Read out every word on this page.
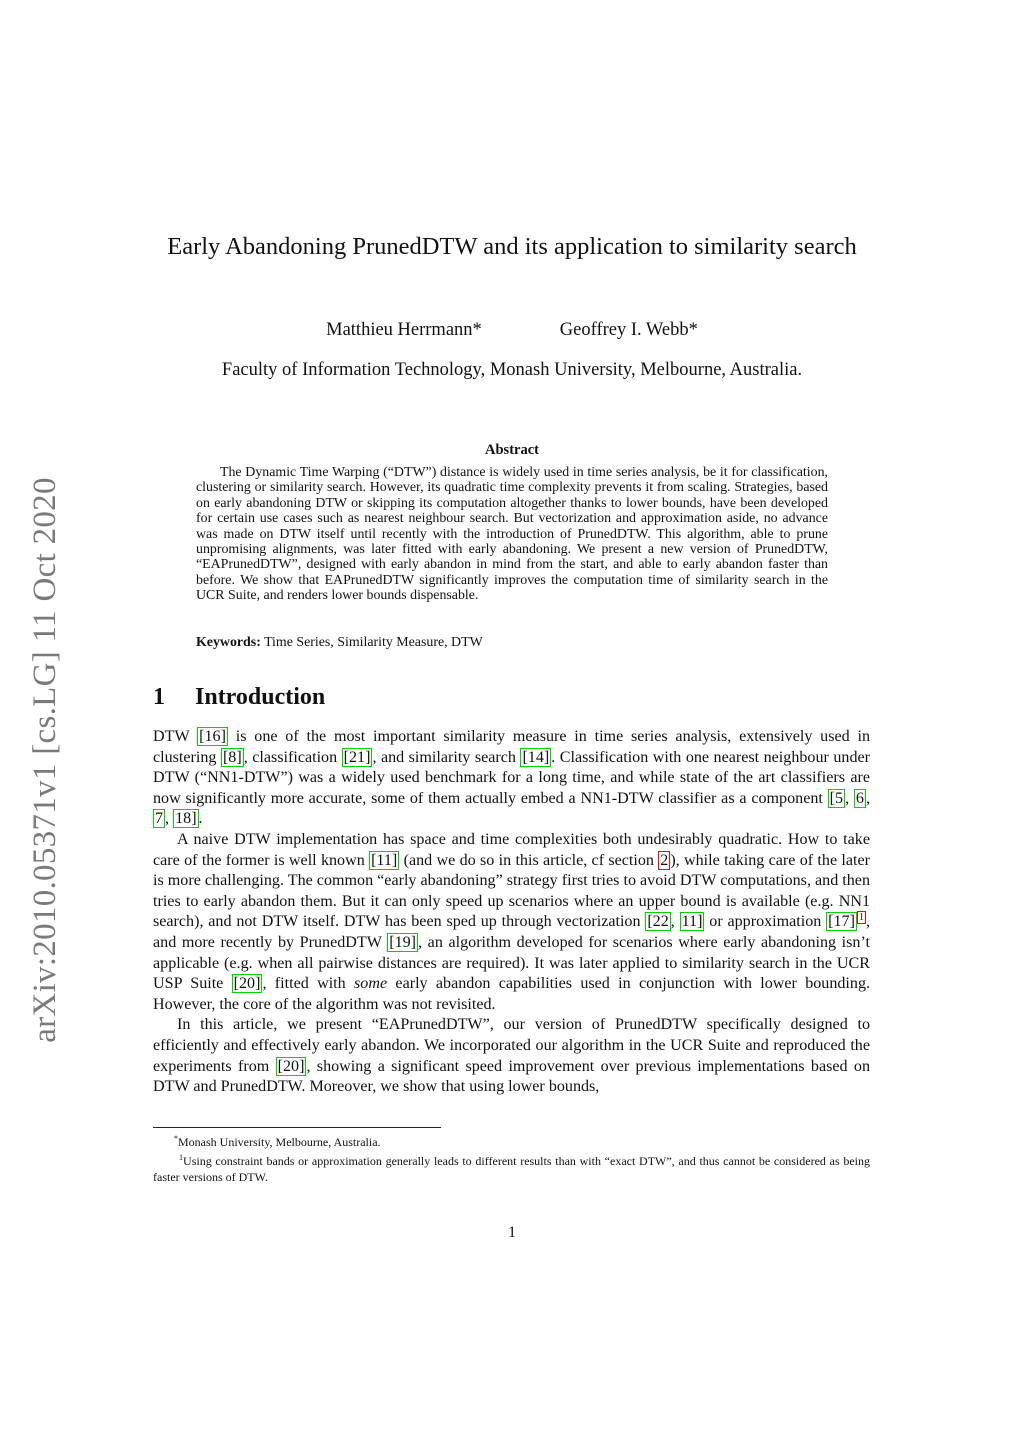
arXiv:2010.05371v1 [cs.LG] 11 Oct 2020
Early Abandoning PrunedDTW and its application to similarity search
Matthieu Herrmann*	Geoffrey I. Webb*
Faculty of Information Technology, Monash University, Melbourne, Australia.
Abstract

The Dynamic Time Warping (“DTW”) distance is widely used in time series analysis, be it for classification, clustering or similarity search. However, its quadratic time complexity prevents it from scaling. Strategies, based on early abandoning DTW or skipping its computation altogether thanks to lower bounds, have been developed for certain use cases such as nearest neighbour search. But vectorization and approximation aside, no advance was made on DTW itself until recently with the introduction of PrunedDTW. This algorithm, able to prune unpromising alignments, was later fitted with early abandoning. We present a new version of PrunedDTW, “EAPrunedDTW”, designed with early abandon in mind from the start, and able to early abandon faster than before. We show that EAPrunedDTW significantly improves the computation time of similarity search in the UCR Suite, and renders lower bounds dispensable.

Keywords: Time Series, Similarity Measure, DTW

1 Introduction

DTW [16] is one of the most important similarity measure in time series analysis, extensively used in clustering [8] , classification [21] , and similarity search [14] . Classification with one nearest neighbour under DTW (“NN1-DTW”) was a widely used benchmark for a long time, and while state of the art classifiers are now significantly more accurate, some of them actually embed a NN1-DTW classifier as a component [5 , 6 , 7 , 18] .

A naive DTW implementation has space and time complexities both undesirably quadratic. How to take care of the former is well known [11] (and we do so in this article, cf section 2 ), while taking care of the later is more challenging. The common “early abandoning” strategy first tries to avoid DTW computations, and then tries to early abandon them. But it can only speed up scenarios where an upper bound is available (e.g. NN1 search), and not DTW itself. DTW has been sped up through vectorization [22 , 11] or approximation [17] $^1$ , and more recently by PrunedDTW [19] , an algorithm developed for scenarios where early abandoning isn’t applicable (e.g. when all pairwise distances are required). It was later applied to similarity search in the UCR USP Suite [20] , fitted with some early abandon capabilities used in conjunction with lower bounding. However, the core of the algorithm was not revisited.

In this article, we present “EAPrunedDTW”, our version of PrunedDTW specifically designed to efficiently and effectively early abandon. We incorporated our algorithm in the UCR Suite and reproduced the experiments from [20] , showing a significant speed improvement over previous implementations based on DTW and PrunedDTW. Moreover, we show that using lower bounds,

*Monash University, Melbourne, Australia.

$^1$Using constraint bands or approximation generally leads to different results than with “exact DTW”, and thus cannot be considered as being faster versions of DTW.

1
